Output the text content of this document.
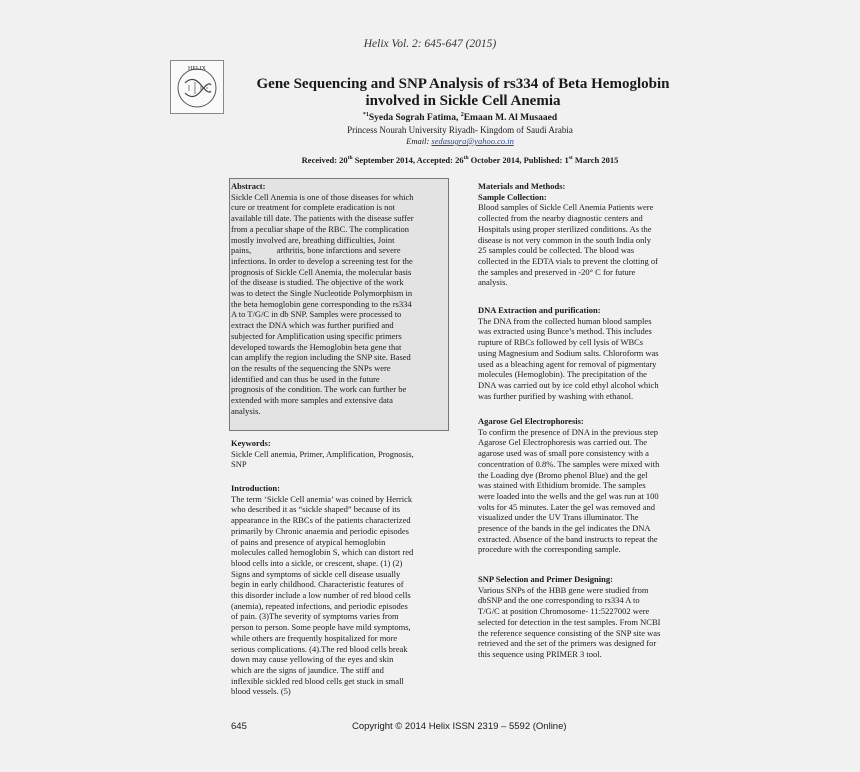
Helix Vol. 2: 645-647 (2015)
HELIX
Gene Sequencing and SNP Analysis of rs334 of Beta Hemoglobin
involved in Sickle Cell Anemia
$^{*1}$Syeda Sograh Fatima, $^2$Emaan M. Al Musaaed
Princess Nourah University Riyadh- Kingdom of Saudi Arabia
Email: sedasugra@yahoo.co.in
Received: 20th September 2014, Accepted: 26th October 2014, Published: 1st March 2015
Abstract:
Sickle Cell Anemia is one of those diseases for which
cure or treatment for complete eradication is not
available till date. The patients with the disease suffer
from a peculiar shape of the RBC. The complication
mostly involved are, breathing difficulties, Joint
pains,            arthritis, bone infarctions and severe
infections. In order to develop a screening test for the
prognosis of Sickle Cell Anemia, the molecular basis
of the disease is studied. The objective of the work
was to detect the Single Nucleotide Polymorphism in
the beta hemoglobin gene corresponding to the rs334
A to T/G/C in db SNP. Samples were processed to
extract the DNA which was further purified and
subjected for Amplification using specific primers
developed towards the Hemoglobin beta gene that
can amplify the region including the SNP site. Based
on the results of the sequencing the SNPs were
identified and can thus be used in the future
prognosis of the condition. The work can further be
extended with more samples and extensive data
analysis.
Keywords:
Sickle Cell anemia, Primer, Amplification, Prognosis,
SNP
Introduction:
The term ‘Sickle Cell anemia’ was coined by Herrick
who described it as “sickle shaped” because of its
appearance in the RBCs of the patients characterized
primarily by Chronic anaemia and periodic episodes
of pains and presence of atypical hemoglobin
molecules called hemoglobin S, which can distort red
blood cells into a sickle, or crescent, shape. (1) (2)
Signs and symptoms of sickle cell disease usually
begin in early childhood. Characteristic features of
this disorder include a low number of red blood cells
(anemia), repeated infections, and periodic episodes
of pain. (3)The severity of symptoms varies from
person to person. Some people have mild symptoms,
while others are frequently hospitalized for more
serious complications. (4).The red blood cells break
down may cause yellowing of the eyes and skin
which are the signs of jaundice. The stiff and
inflexible sickled red blood cells get stuck in small
blood vessels. (5)
Materials and Methods:
Sample Collection:
Blood samples of Sickle Cell Anemia Patients were
collected from the nearby diagnostic centers and
Hospitals using proper sterilized conditions. As the
disease is not very common in the south India only
25 samples could be collected. The blood was
collected in the EDTA vials to prevent the clotting of
the samples and preserved in -20° C for future
analysis.
DNA Extraction and purification:
The DNA from the collected human blood samples
was extracted using Bunce’s method. This includes
rupture of RBCs followed by cell lysis of WBCs
using Magnesium and Sodium salts. Chloroform was
used as a bleaching agent for removal of pigmentary
molecules (Hemoglobin). The precipitation of the
DNA was carried out by ice cold ethyl alcohol which
was further purified by washing with ethanol.
Agarose Gel Electrophoresis:
To confirm the presence of DNA in the previous step
Agarose Gel Electrophoresis was carried out. The
agarose used was of small pore consistency with a
concentration of 0.8%. The samples were mixed with
the Loading dye (Bromo phenol Blue) and the gel
was stained with Ethidium bromide. The samples
were loaded into the wells and the gel was run at 100
volts for 45 minutes. Later the gel was removed and
visualized under the UV Trans illuminator. The
presence of the bands in the gel indicates the DNA
extracted. Absence of the band instructs to repeat the
procedure with the corresponding sample.
SNP Selection and Primer Designing:
Various SNPs of the HBB gene were studied from
dbSNP and the one corresponding to rs334 A to
T/G/C at position Chromosome- 11:5227002 were
selected for detection in the test samples. From NCBI
the reference sequence consisting of the SNP site was
retrieved and the set of the primers was designed for
this sequence using PRIMER 3 tool.
645	Copyright © 2014 Helix ISSN 2319 – 5592 (Online)
